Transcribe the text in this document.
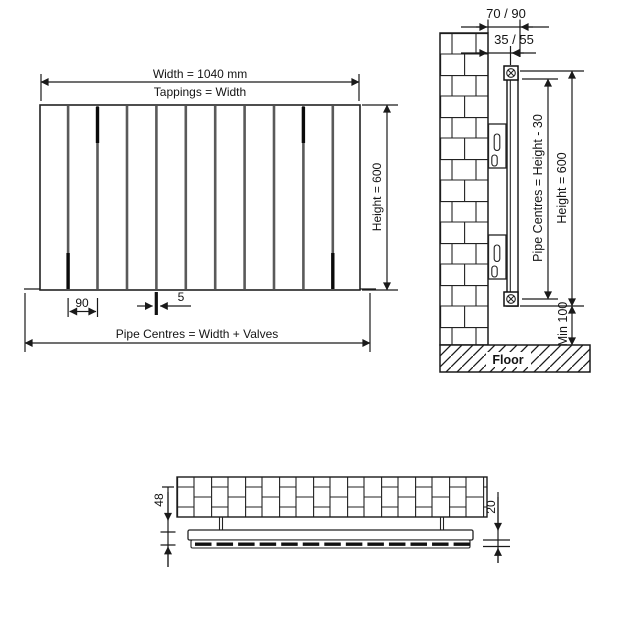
Width = 1040 mm
Tappings = Width
Height = 600
90	5
Pipe Centres = Width + Valves
Floor
70 / 90
35 / 55
Pipe Centres = Height - 30 Height = 600
Min 100
48
20
